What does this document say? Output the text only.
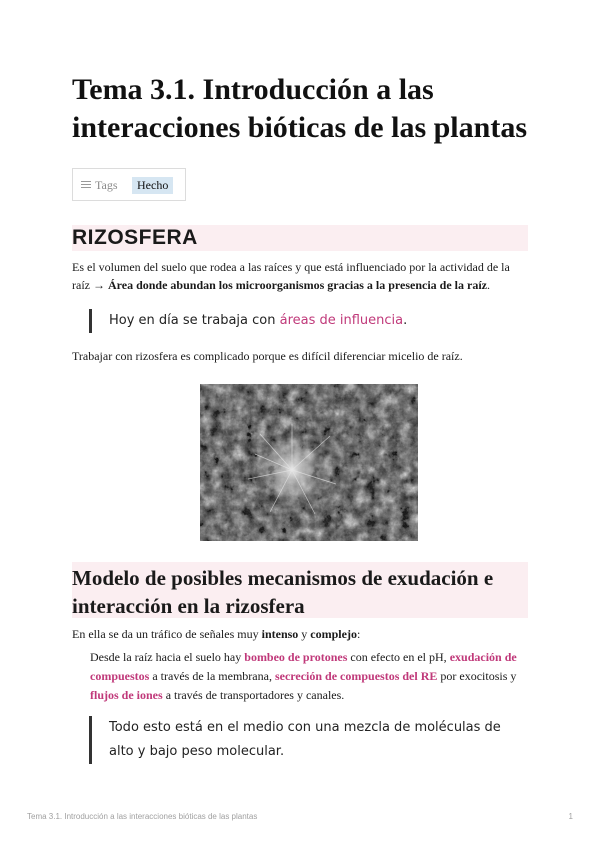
Tema 3.1. Introducción a las interacciones bióticas de las plantas
Tags	Hecho
RIZOSFERA
Es el volumen del suelo que rodea a las raíces y que está influenciado por la actividad de la raíz → Área donde abundan los microorganismos gracias a la presencia de la raíz.
Hoy en día se trabaja con áreas de influencia.
Trabajar con rizosfera es complicado porque es difícil diferenciar micelio de raíz.
Modelo de posibles mecanismos de exudación e interacción en la rizosfera
En ella se da un tráfico de señales muy intenso y complejo:
Desde la raíz hacia el suelo hay bombeo de protones con efecto en el pH, exudación de compuestos a través de la membrana, secreción de compuestos del RE por exocitosis y flujos de iones a través de transportadores y canales.
Todo esto está en el medio con una mezcla de moléculas de alto y bajo peso molecular.
Tema 3.1. Introducción a las interacciones bióticas de las plantas	1
